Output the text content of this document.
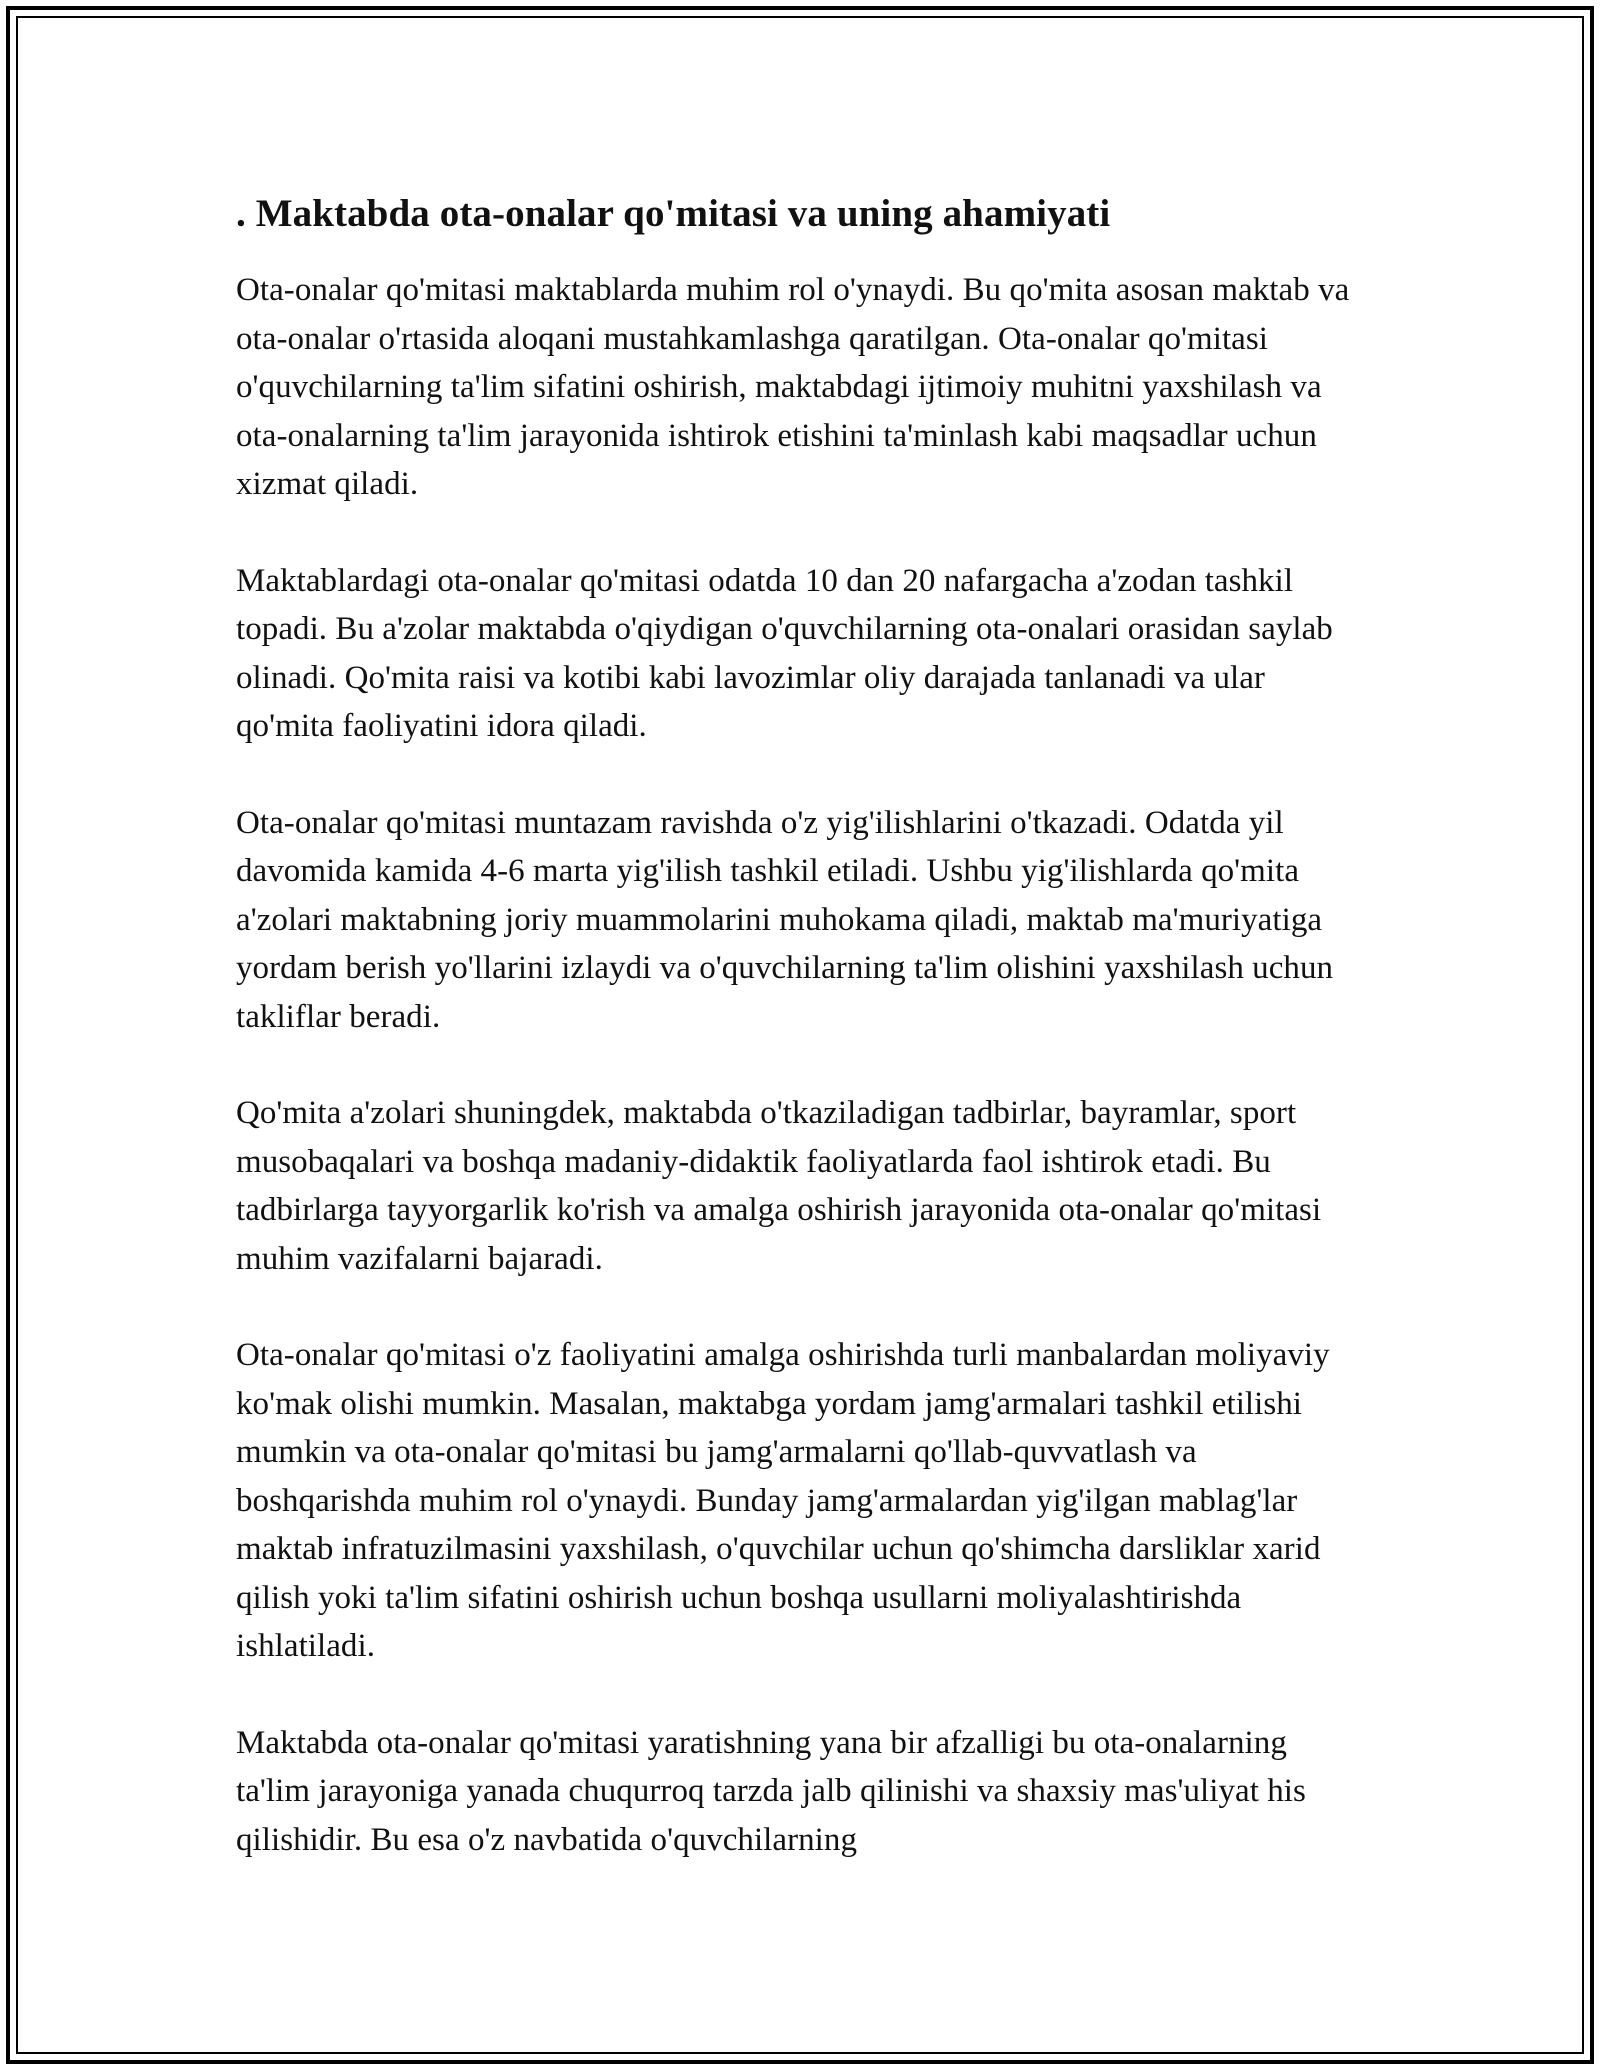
. Maktabda ota-onalar qo'mitasi va uning ahamiyati

Ota-onalar qo'mitasi maktablarda muhim rol o'ynaydi. Bu qo'mita asosan maktab va ota-onalar o'rtasida aloqani mustahkamlashga qaratilgan. Ota-onalar qo'mitasi o'quvchilarning ta'lim sifatini oshirish, maktabdagi ijtimoiy muhitni yaxshilash va ota-onalarning ta'lim jarayonida ishtirok etishini ta'minlash kabi maqsadlar uchun xizmat qiladi.

Maktablardagi ota-onalar qo'mitasi odatda 10 dan 20 nafargacha a'zodan tashkil topadi. Bu a'zolar maktabda o'qiydigan o'quvchilarning ota-onalari orasidan saylab olinadi. Qo'mita raisi va kotibi kabi lavozimlar oliy darajada tanlanadi va ular qo'mita faoliyatini idora qiladi.

Ota-onalar qo'mitasi muntazam ravishda o'z yig'ilishlarini o'tkazadi. Odatda yil davomida kamida 4-6 marta yig'ilish tashkil etiladi. Ushbu yig'ilishlarda qo'mita a'zolari maktabning joriy muammolarini muhokama qiladi, maktab ma'muriyatiga yordam berish yo'llarini izlaydi va o'quvchilarning ta'lim olishini yaxshilash uchun takliflar beradi.

Qo'mita a'zolari shuningdek, maktabda o'tkaziladigan tadbirlar, bayramlar, sport musobaqalari va boshqa madaniy-didaktik faoliyatlarda faol ishtirok etadi. Bu tadbirlarga tayyorgarlik ko'rish va amalga oshirish jarayonida ota-onalar qo'mitasi muhim vazifalarni bajaradi.

Ota-onalar qo'mitasi o'z faoliyatini amalga oshirishda turli manbalardan moliyaviy ko'mak olishi mumkin. Masalan, maktabga yordam jamg'armalari tashkil etilishi mumkin va ota-onalar qo'mitasi bu jamg'armalarni qo'llab-quvvatlash va boshqarishda muhim rol o'ynaydi. Bunday jamg'armalardan yig'ilgan mablag'lar maktab infratuzilmasini yaxshilash, o'quvchilar uchun qo'shimcha darsliklar xarid qilish yoki ta'lim sifatini oshirish uchun boshqa usullarni moliyalashtirishda ishlatiladi.

Maktabda ota-onalar qo'mitasi yaratishning yana bir afzalligi bu ota-onalarning ta'lim jarayoniga yanada chuqurroq tarzda jalb qilinishi va shaxsiy mas'uliyat his qilishidir. Bu esa o'z navbatida o'quvchilarning
